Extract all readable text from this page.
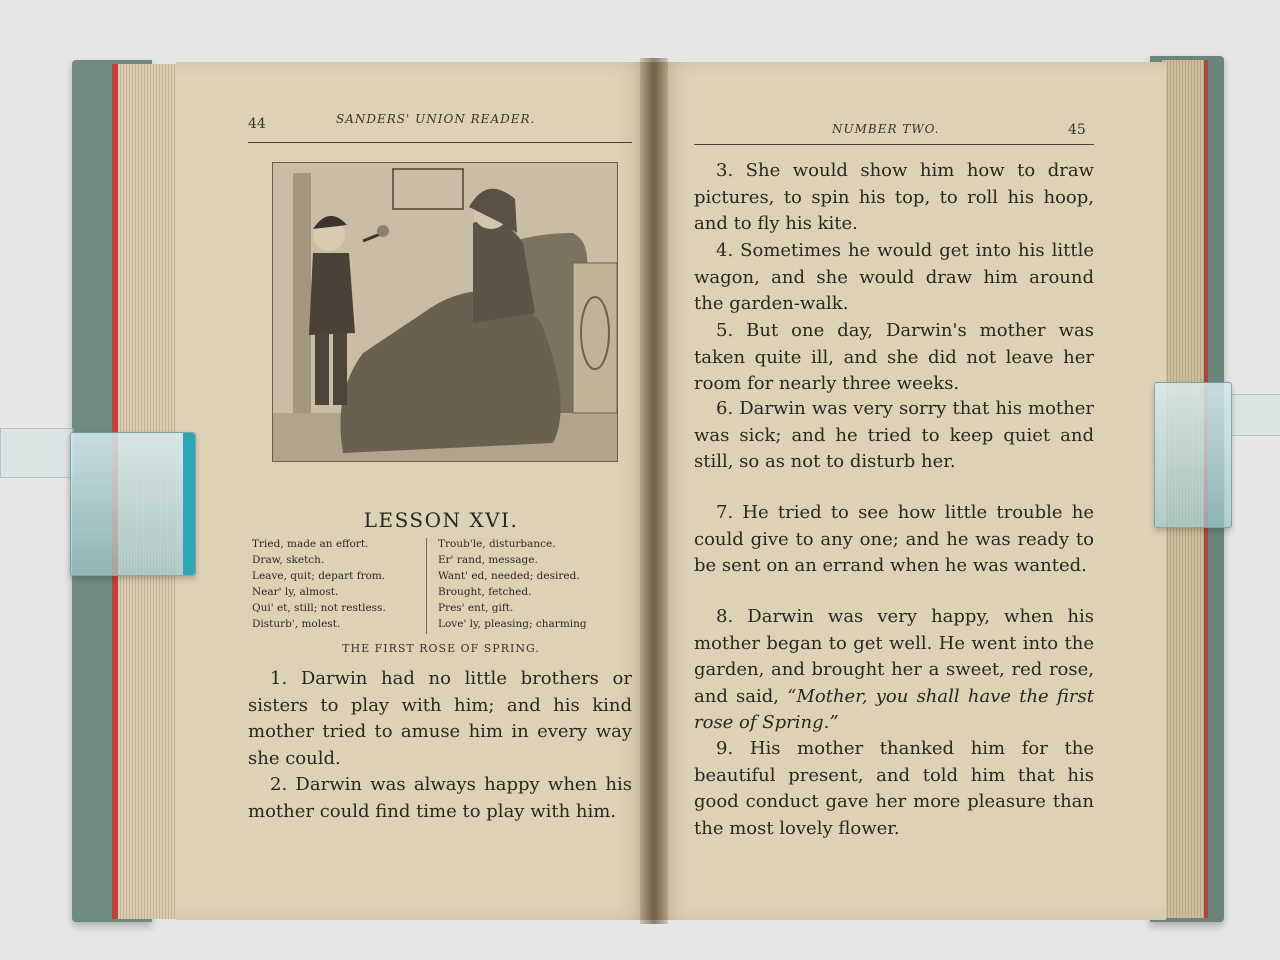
44	SANDERS' UNION READER.
LESSON XVI.
Tried, made an effort.
Draw, sketch.
Leave, quit; depart from.
Near' ly, almost.
Qui' et, still; not restless.
Disturb', molest.
Troub'le, disturbance.
Er' rand, message.
Want' ed, needed; desired.
Brought, fetched.
Pres' ent, gift.
Love' ly, pleasing; charming
THE FIRST ROSE OF SPRING.
1. Darwin had no little brothers or sisters to play with him; and his kind mother tried to amuse him in every way she could.
2. Darwin was always happy when his mother could find time to play with him.
NUMBER TWO.	45
3. She would show him how to draw pictures, to spin his top, to roll his hoop, and to fly his kite.
4. Sometimes he would get into his little wagon, and she would draw him around the garden-walk.
5. But one day, Darwin's mother was taken quite ill, and she did not leave her room for nearly three weeks.
6. Darwin was very sorry that his mother was sick; and he tried to keep quiet and still, so as not to disturb her.
7. He tried to see how little trouble he could give to any one; and he was ready to be sent on an errand when he was wanted.
8. Darwin was very happy, when his mother began to get well. He went into the garden, and brought her a sweet, red rose, and said, “Mother, you shall have the first rose of Spring.”
9. His mother thanked him for the beautiful present, and told him that his good conduct gave her more pleasure than the most lovely flower.
